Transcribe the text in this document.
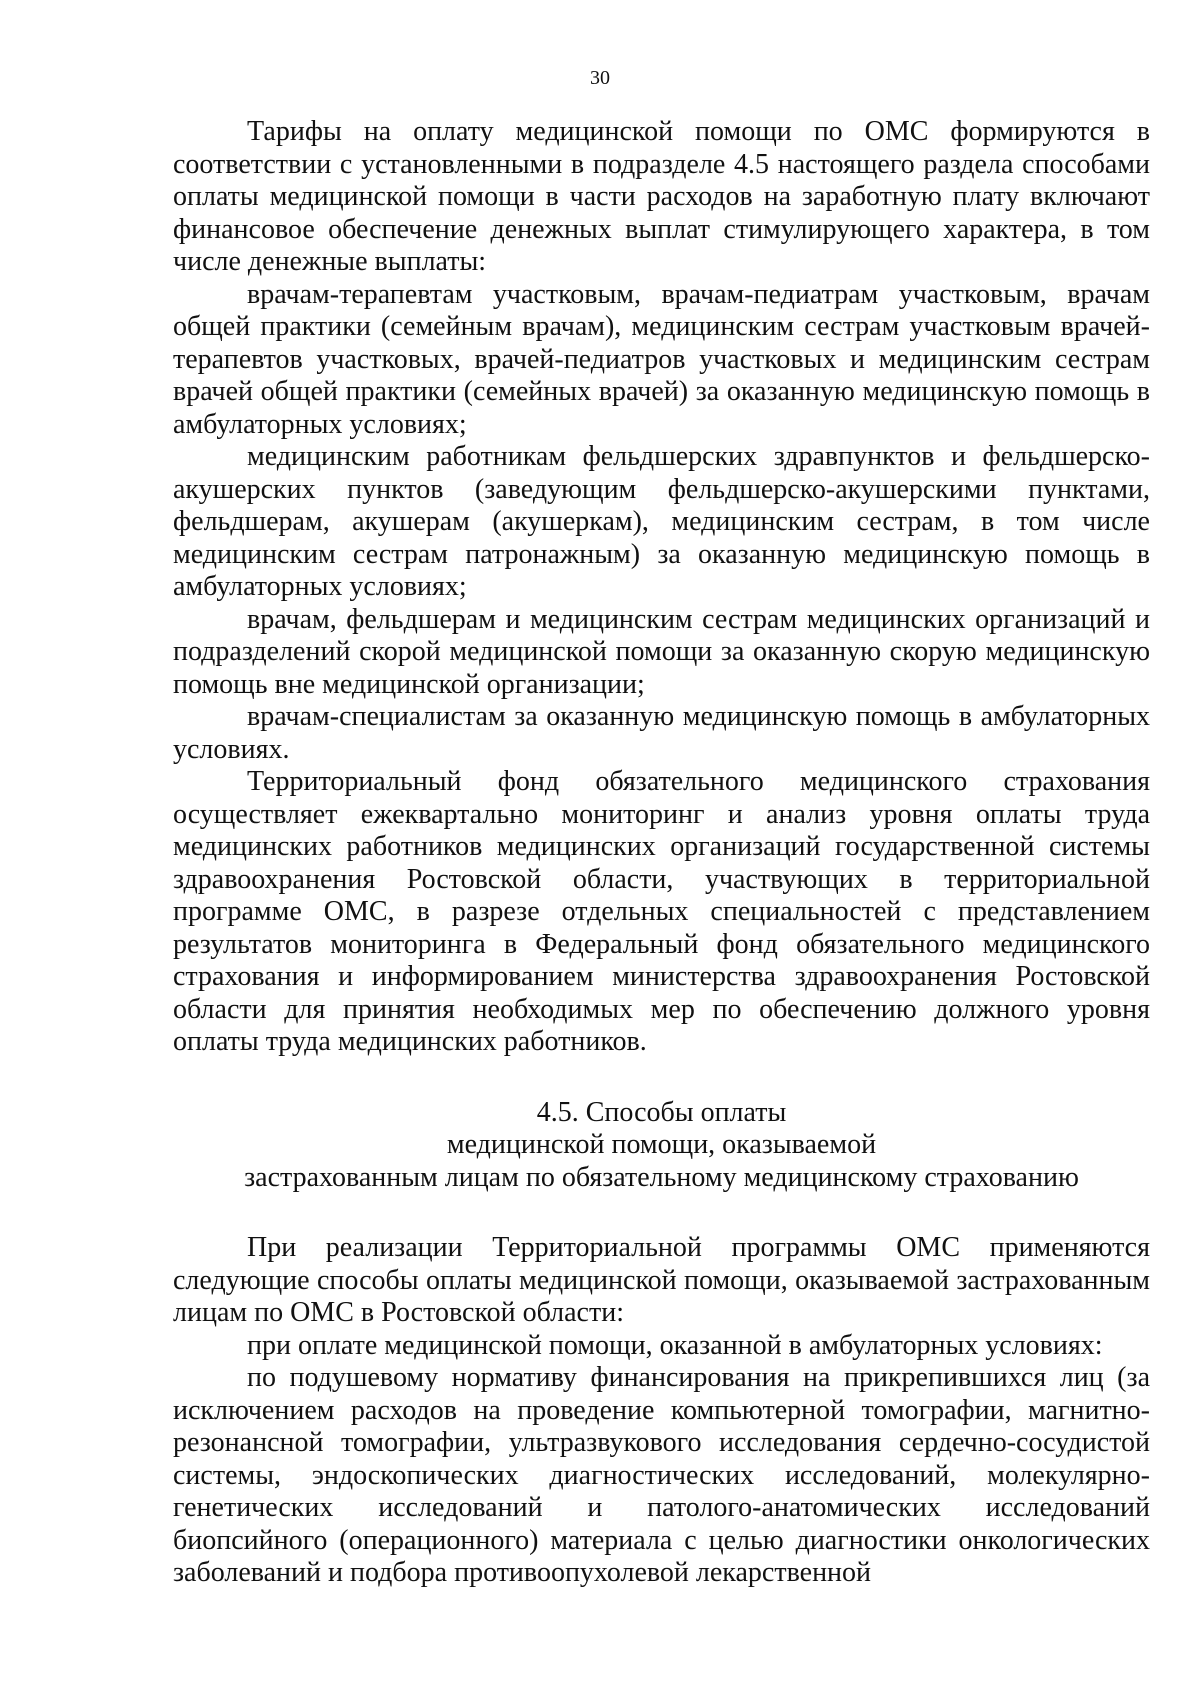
30

Тарифы на оплату медицинской помощи по ОМС формируются в соответствии с установленными в подразделе 4.5 настоящего раздела способами оплаты медицинской помощи в части расходов на заработную плату включают финансовое обеспечение денежных выплат стимулирующего характера, в том числе денежные выплаты:

врачам-терапевтам участковым, врачам-педиатрам участковым, врачам общей практики (семейным врачам), медицинским сестрам участковым врачей-терапевтов участковых, врачей-педиатров участковых и медицинским сестрам врачей общей практики (семейных врачей) за оказанную медицинскую помощь в амбулаторных условиях;

медицинским работникам фельдшерских здравпунктов и фельдшерско-акушерских пунктов (заведующим фельдшерско-акушерскими пунктами, фельдшерам, акушерам (акушеркам), медицинским сестрам, в том числе медицинским сестрам патронажным) за оказанную медицинскую помощь в амбулаторных условиях;

врачам, фельдшерам и медицинским сестрам медицинских организаций и подразделений скорой медицинской помощи за оказанную скорую медицинскую помощь вне медицинской организации;

врачам-специалистам за оказанную медицинскую помощь в амбулаторных условиях.

Территориальный фонд обязательного медицинского страхования осуществляет ежеквартально мониторинг и анализ уровня оплаты труда медицинских работников медицинских организаций государственной системы здравоохранения Ростовской области, участвующих в территориальной программе ОМС, в разрезе отдельных специальностей с представлением результатов мониторинга в Федеральный фонд обязательного медицинского страхования и информированием министерства здравоохранения Ростовской области для принятия необходимых мер по обеспечению должного уровня оплаты труда медицинских работников.

4.5. Способы оплаты
медицинской помощи, оказываемой
застрахованным лицам по обязательному медицинскому страхованию

При реализации Территориальной программы ОМС применяются следующие способы оплаты медицинской помощи, оказываемой застрахованным лицам по ОМС в Ростовской области:

при оплате медицинской помощи, оказанной в амбулаторных условиях:

по подушевому нормативу финансирования на прикрепившихся лиц (за исключением расходов на проведение компьютерной томографии, магнитно-резонансной томографии, ультразвукового исследования сердечно-сосудистой системы, эндоскопических диагностических исследований, молекулярно-генетических исследований и патолого-анатомических исследований биопсийного (операционного) материала с целью диагностики онкологических заболеваний и подбора противоопухолевой лекарственной
